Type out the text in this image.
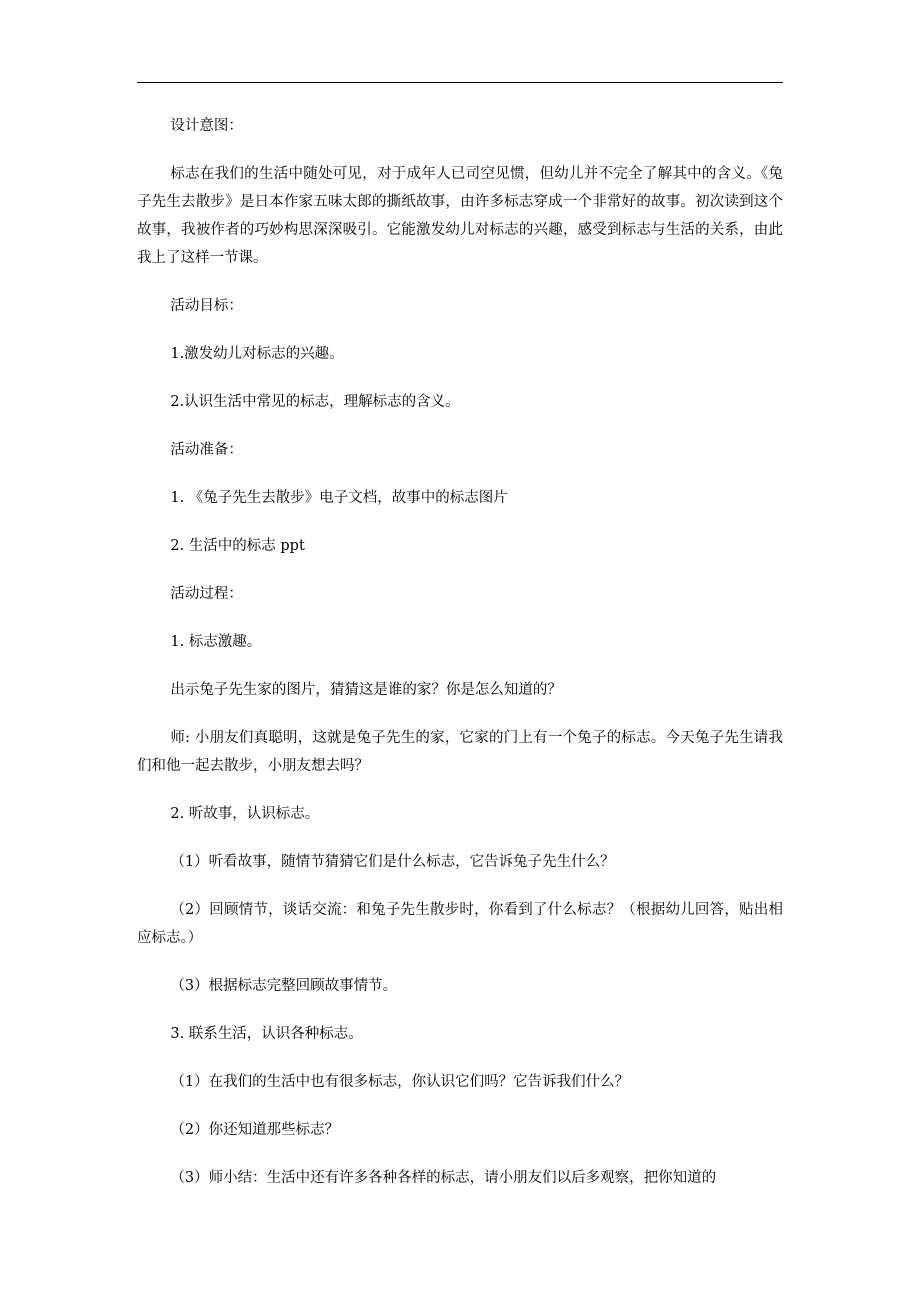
设计意图：

标志在我们的生活中随处可见，对于成年人已司空见惯，但幼儿并不完全了解其中的含义。《兔子先生去散步》是日本作家五味太郎的撕纸故事，由许多标志穿成一个非常好的故事。初次读到这个故事，我被作者的巧妙构思深深吸引。它能激发幼儿对标志的兴趣，感受到标志与生活的关系，由此我上了这样一节课。

活动目标：

1.激发幼儿对标志的兴趣。

2.认识生活中常见的标志，理解标志的含义。

活动准备：

1. 《兔子先生去散步》电子文档，故事中的标志图片

2. 生活中的标志 ppt

活动过程：

1. 标志激趣。

出示兔子先生家的图片，猜猜这是谁的家？你是怎么知道的？

师: 小朋友们真聪明，这就是兔子先生的家，它家的门上有一个兔子的标志。今天兔子先生请我们和他一起去散步，小朋友想去吗？

2. 听故事，认识标志。

（1）听看故事，随情节猜猜它们是什么标志，它告诉兔子先生什么？

（2）回顾情节，谈话交流：和兔子先生散步时，你看到了什么标志？（根据幼儿回答，贴出相应标志。）

（3）根据标志完整回顾故事情节。

3. 联系生活，认识各种标志。

（1）在我们的生活中也有很多标志，你认识它们吗？它告诉我们什么？

（2）你还知道那些标志？

（3）师小结：生活中还有许多各种各样的标志，请小朋友们以后多观察，把你知道的
